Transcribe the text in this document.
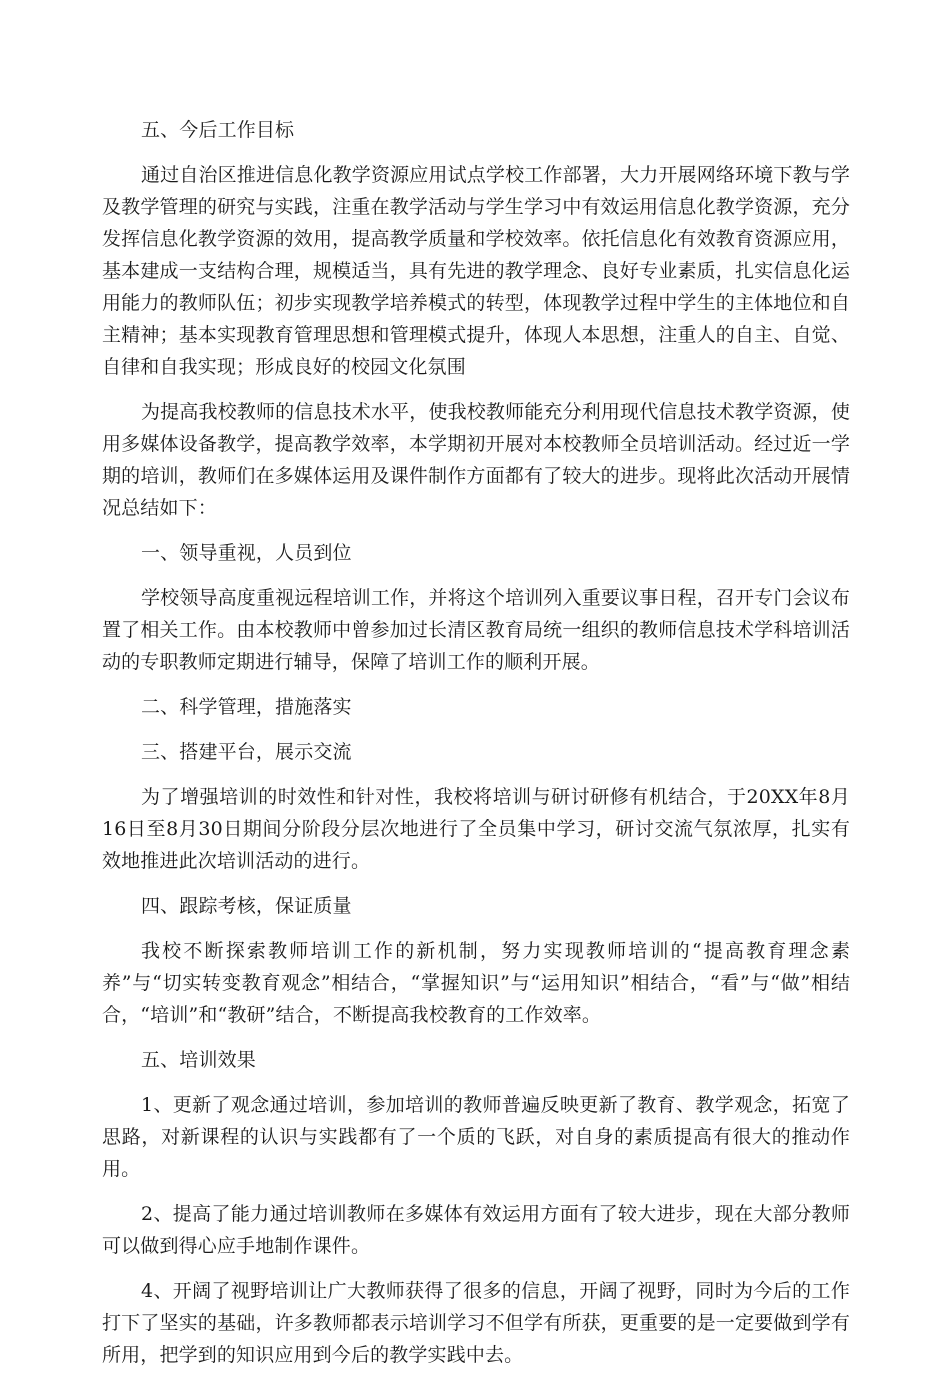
五、今后工作目标

通过自治区推进信息化教学资源应用试点学校工作部署，大力开展网络环境下教与学及教学管理的研究与实践，注重在教学活动与学生学习中有效运用信息化教学资源，充分发挥信息化教学资源的效用，提高教学质量和学校效率。依托信息化有效教育资源应用，基本建成一支结构合理，规模适当，具有先进的教学理念、良好专业素质，扎实信息化运用能力的教师队伍；初步实现教学培养模式的转型，体现教学过程中学生的主体地位和自主精神；基本实现教育管理思想和管理模式提升，体现人本思想，注重人的自主、自觉、自律和自我实现；形成良好的校园文化氛围

为提高我校教师的信息技术水平，使我校教师能充分利用现代信息技术教学资源，使用多媒体设备教学，提高教学效率，本学期初开展对本校教师全员培训活动。经过近一学期的培训，教师们在多媒体运用及课件制作方面都有了较大的进步。现将此次活动开展情况总结如下：

一、领导重视，人员到位

学校领导高度重视远程培训工作，并将这个培训列入重要议事日程，召开专门会议布置了相关工作。由本校教师中曾参加过长清区教育局统一组织的教师信息技术学科培训活动的专职教师定期进行辅导，保障了培训工作的顺利开展。

二、科学管理，措施落实

三、搭建平台，展示交流

为了增强培训的时效性和针对性，我校将培训与研讨研修有机结合，于20XX年8月16日至8月30日期间分阶段分层次地进行了全员集中学习，研讨交流气氛浓厚，扎实有效地推进此次培训活动的进行。

四、跟踪考核，保证质量

我校不断探索教师培训工作的新机制，努力实现教师培训的“提高教育理念素养”与“切实转变教育观念”相结合，“掌握知识”与“运用知识”相结合，“看”与“做”相结合，“培训”和“教研”结合，不断提高我校教育的工作效率。

五、培训效果

1、更新了观念通过培训，参加培训的教师普遍反映更新了教育、教学观念，拓宽了思路，对新课程的认识与实践都有了一个质的飞跃，对自身的素质提高有很大的推动作用。

2、提高了能力通过培训教师在多媒体有效运用方面有了较大进步，现在大部分教师可以做到得心应手地制作课件。

4、开阔了视野培训让广大教师获得了很多的信息，开阔了视野，同时为今后的工作打下了坚实的基础，许多教师都表示培训学习不但学有所获，更重要的是一定要做到学有所用，把学到的知识应用到今后的教学实践中去。
